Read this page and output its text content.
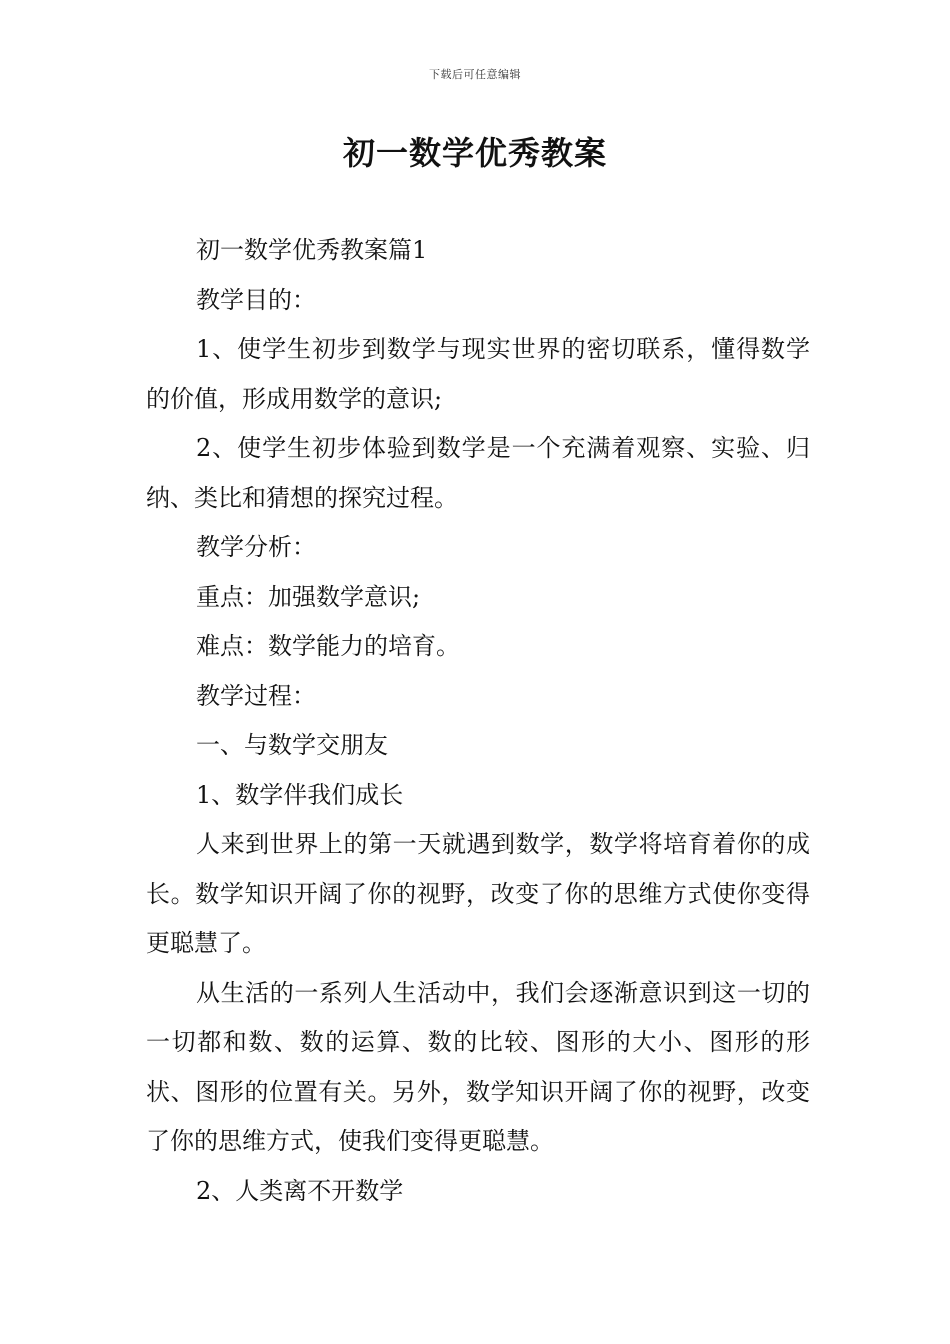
下载后可任意编辑
初一数学优秀教案

初一数学优秀教案篇1

教学目的：

1、使学生初步到数学与现实世界的密切联系，懂得数学的价值，形成用数学的意识;

2、使学生初步体验到数学是一个充满着观察、实验、归纳、类比和猜想的探究过程。

教学分析：

重点：加强数学意识;

难点：数学能力的培育。

教学过程：

一、与数学交朋友

1、数学伴我们成长

人来到世界上的第一天就遇到数学，数学将培育着你的成长。数学知识开阔了你的视野，改变了你的思维方式使你变得更聪慧了。

从生活的一系列人生活动中，我们会逐渐意识到这一切的一切都和数、数的运算、数的比较、图形的大小、图形的形状、图形的位置有关。另外，数学知识开阔了你的视野，改变了你的思维方式，使我们变得更聪慧。

2、人类离不开数学
